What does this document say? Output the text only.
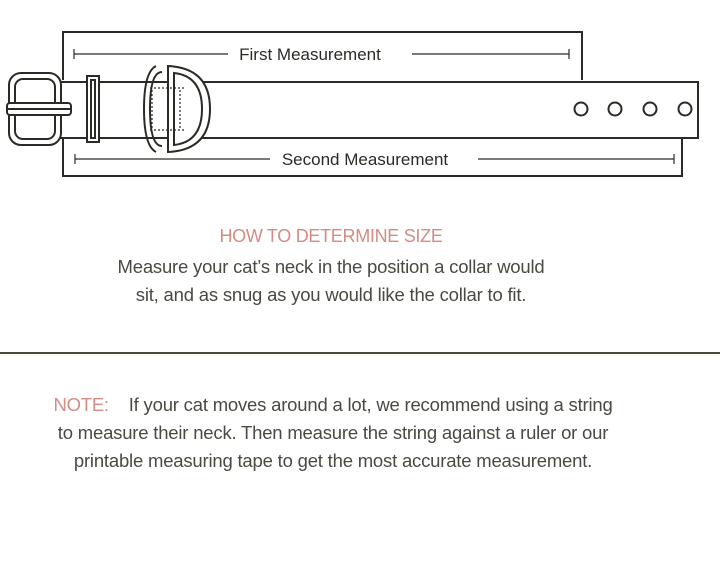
First Measurement
Second Measurement
HOW TO DETERMINE SIZE
Measure your cat’s neck in the position a collar would
sit, and as snug as you would like the collar to fit.
NOTE: If your cat moves around a lot, we recommend using a string
to measure their neck. Then measure the string against a ruler or our
printable measuring tape to get the most accurate measurement.
